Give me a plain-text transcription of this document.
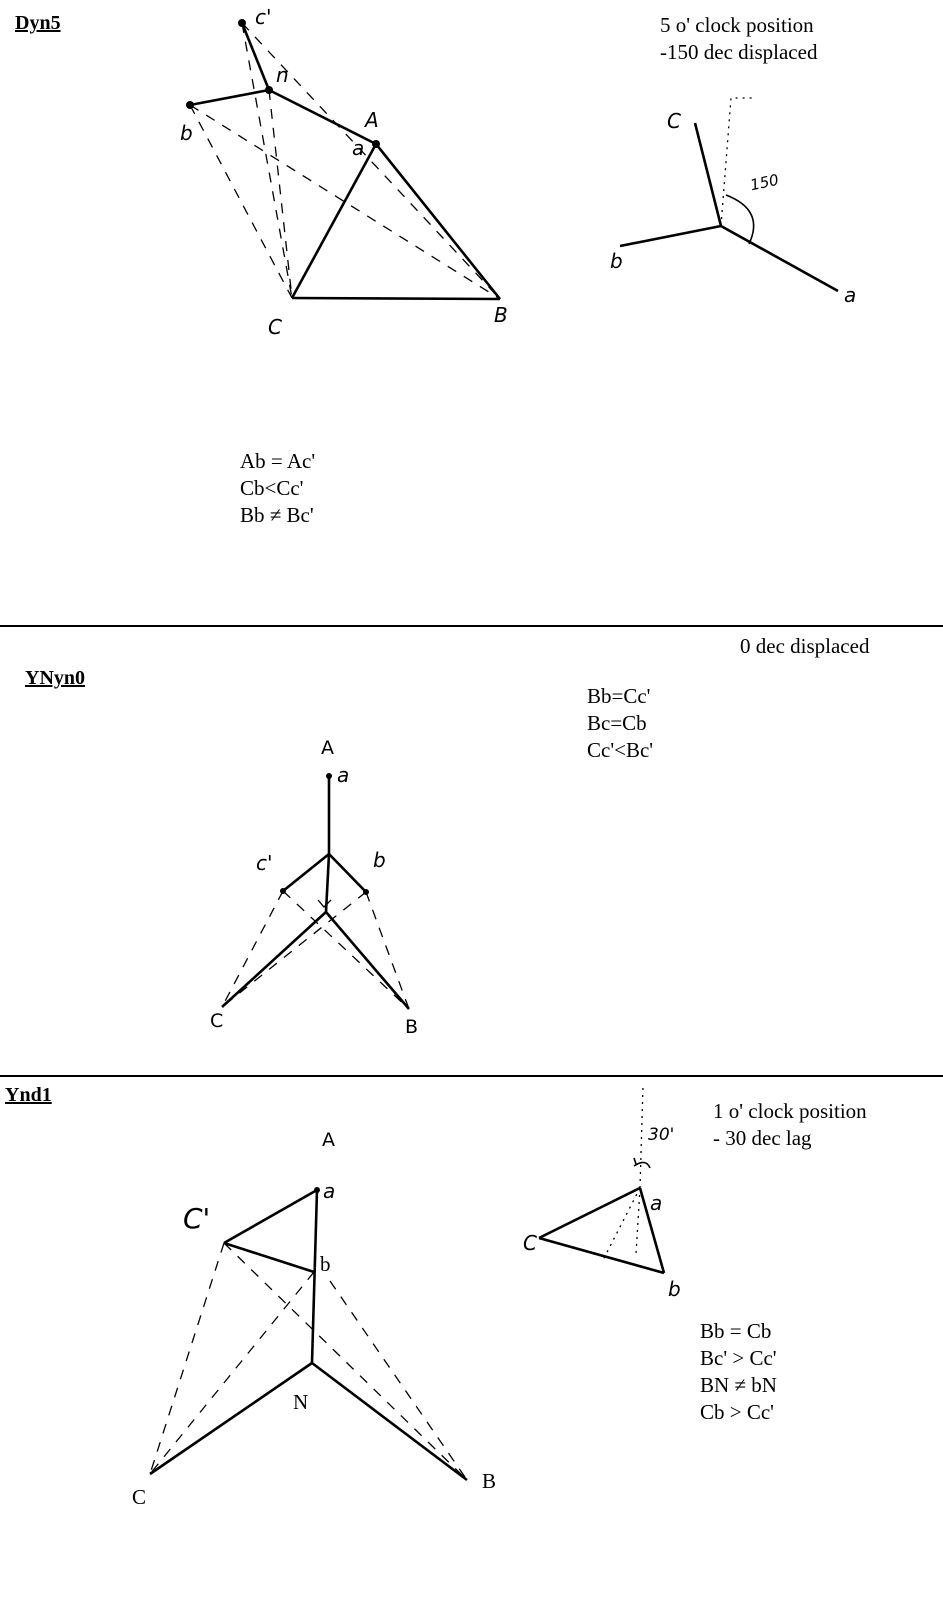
Dyn5
A
a
b
c'
n
C	B
C
b
a
150
5 o' clock position
-150 dec displaced
Ab = Ac'
Cb<Cc'
Bb ≠ Bc'
YNyn0
A
a
c'	b
C	B
0 dec displaced
Bb=Cc'
Bc=Cb
Cc'<Bc'
Ynd1
A
a
C'
b
N
C
B
a
C
b
30'
1 o' clock position
- 30 dec lag
Bb = Cb
Bc' > Cc'
BN ≠ bN
Cb > Cc'
